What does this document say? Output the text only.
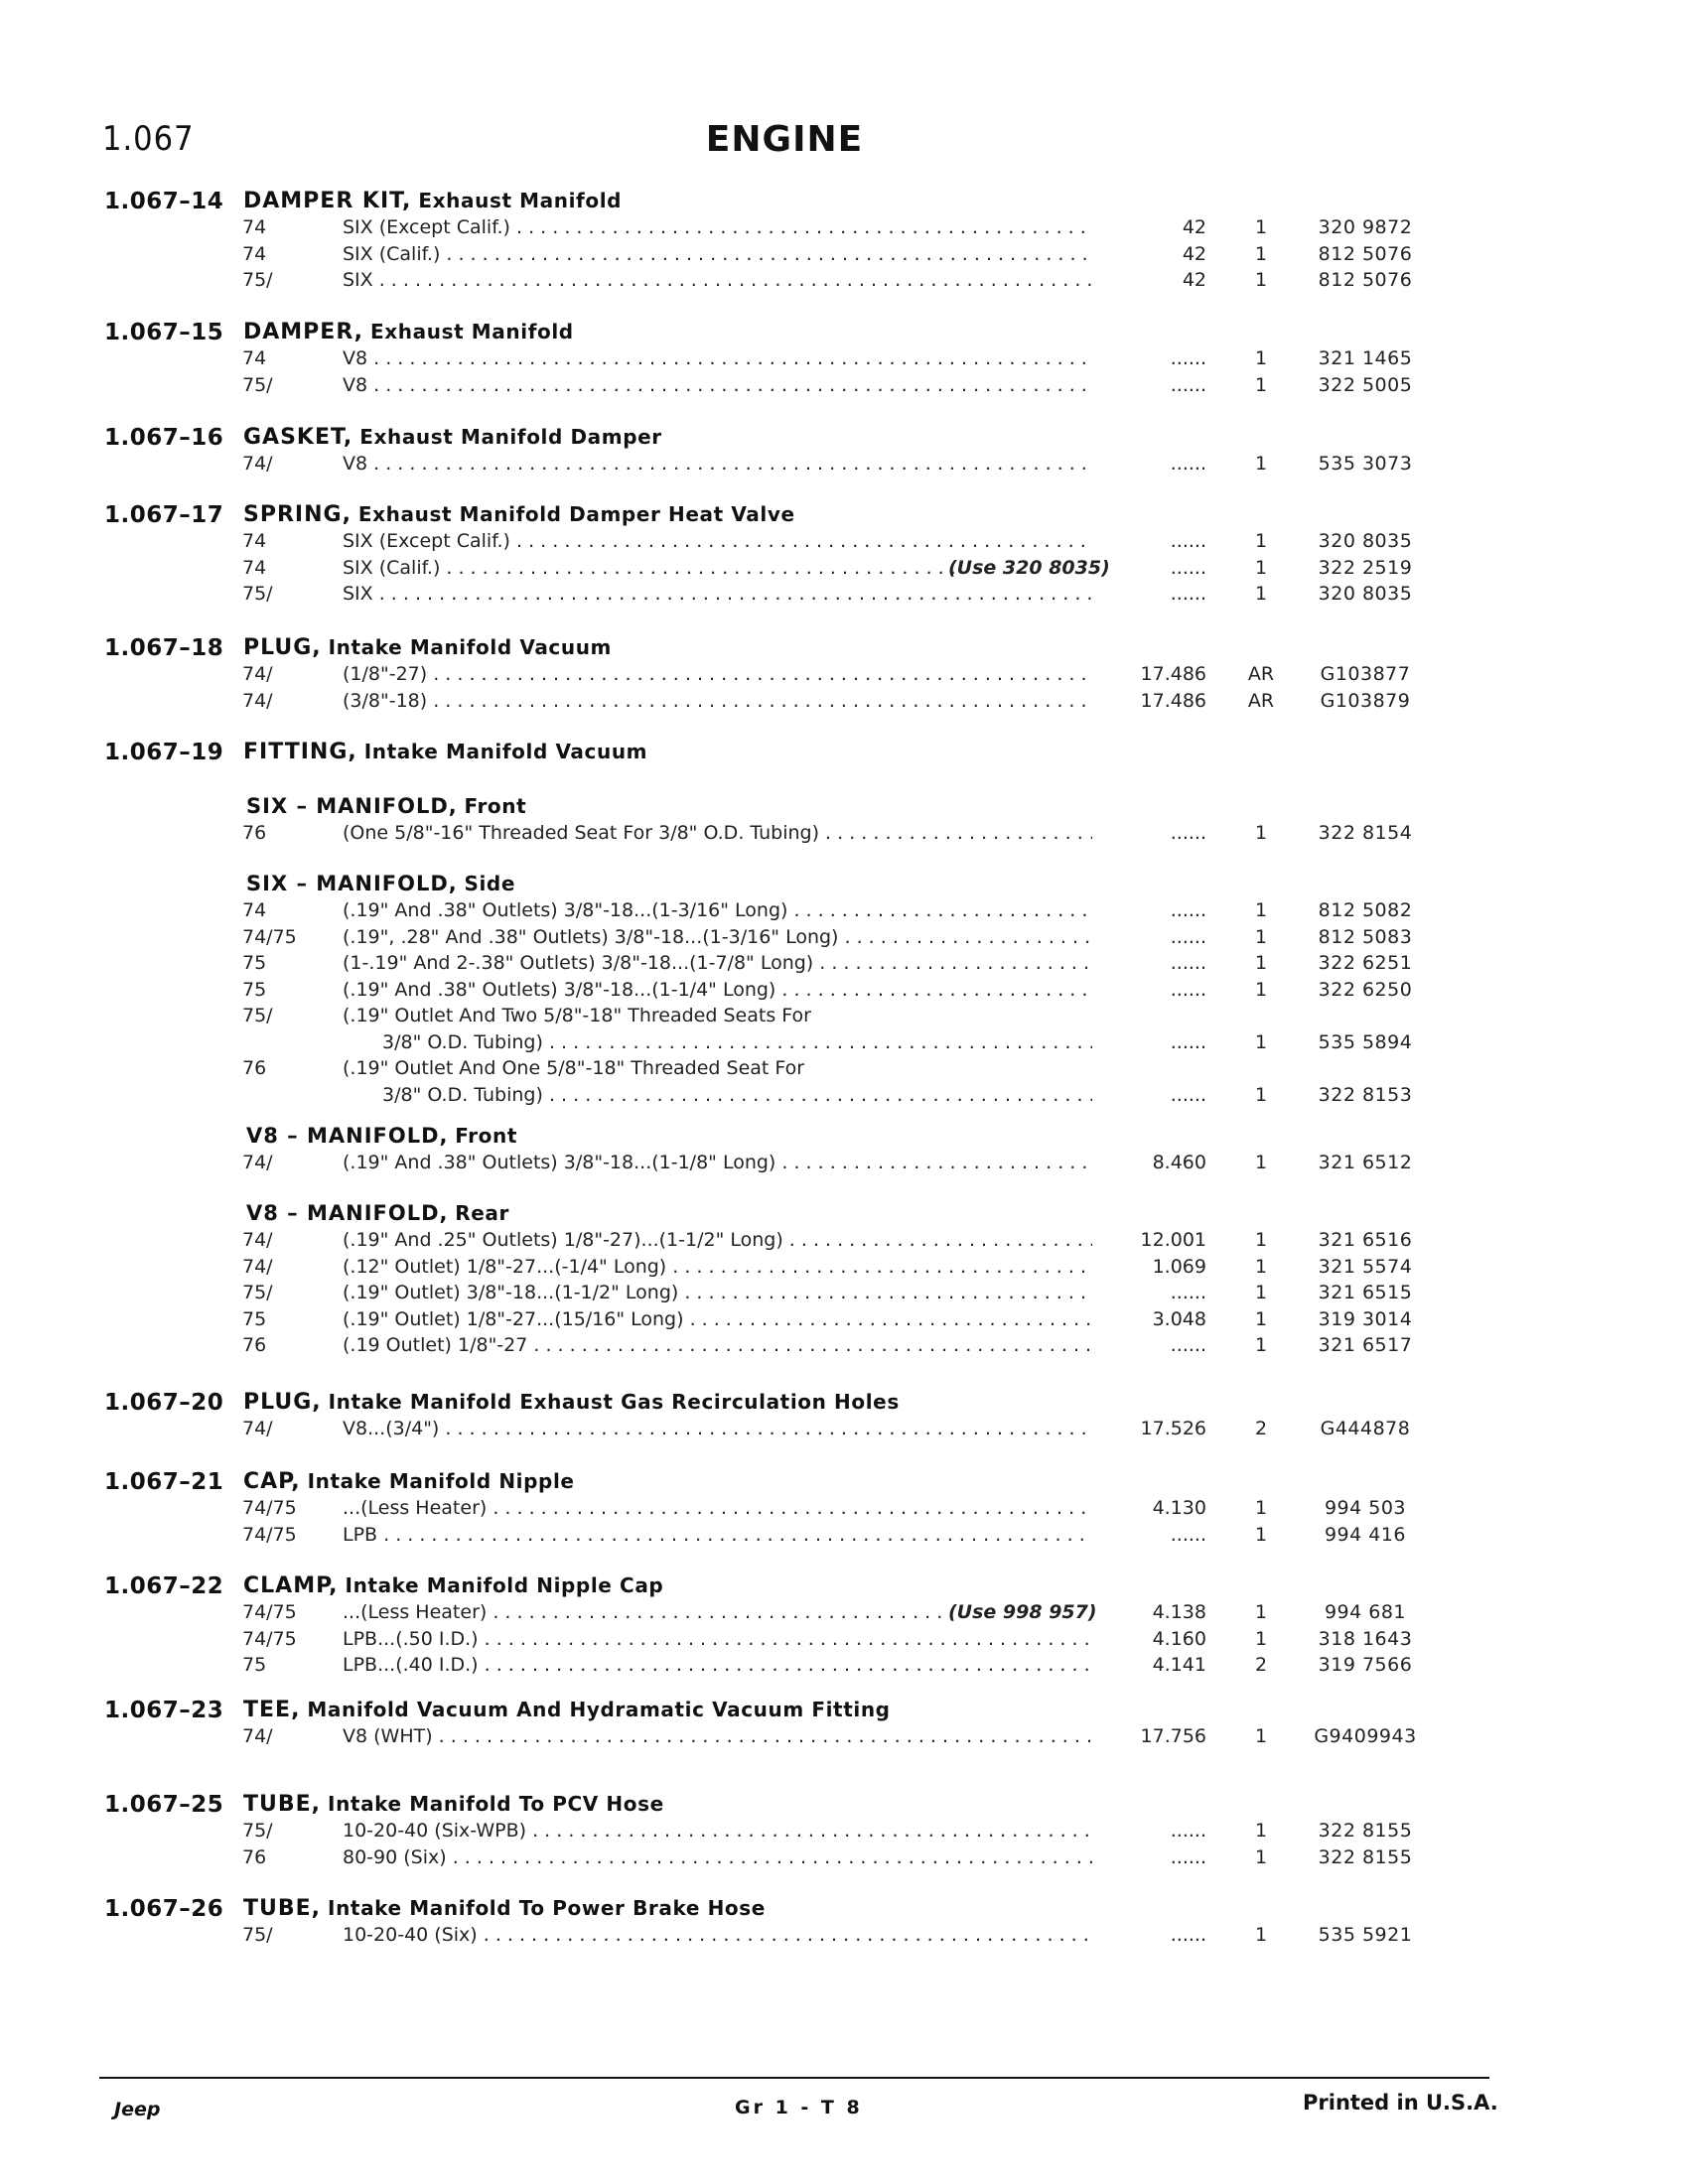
1.067	ENGINE
1.067–14 DAMPER KIT, Exhaust Manifold
74	SIX (Except Calif.) . . .	42	1	320 9872
74	SIX (Calif.) . . .	42	1	812 5076
75/	SIX . . .	42	1	812 5076
1.067–15 DAMPER, Exhaust Manifold
74	V8 . . .	......	1	321 1465
75/	V8 . . .	......	1	322 5005
1.067–16 GASKET, Exhaust Manifold Damper
74/	V8 . . .	......	1	535 3073
1.067–17 SPRING, Exhaust Manifold Damper Heat Valve
74	SIX (Except Calif.) . . .	......	1	320 8035
74	SIX (Calif.) . . .	(Use 320 8035)	......	1	322 2519
75/	SIX . . .	......	1	320 8035
1.067–18 PLUG, Intake Manifold Vacuum
74/	(1/8"-27) . . .	17.486	AR	G103877
74/	(3/8"-18) . . .	17.486	AR	G103879
1.067–19 FITTING, Intake Manifold Vacuum
SIX – MANIFOLD, Front
76	(One 5/8"-16" Threaded Seat For 3/8" O.D. Tubing) . . .	......	1	322 8154
SIX – MANIFOLD, Side
74	(.19" And .38" Outlets) 3/8"-18...(1-3/16" Long) . . .	......	1	812 5082
74/75	(.19", .28" And .38" Outlets) 3/8"-18...(1-3/16" Long) . . .	......	1	812 5083
75	(1-.19" And 2-.38" Outlets) 3/8"-18...(1-7/8" Long) . . .	......	1	322 6251
75	(.19" And .38" Outlets) 3/8"-18...(1-1/4" Long) . . .	......	1	322 6250
75/	(.19" Outlet And Two 5/8"-18" Threaded Seats For
3/8" O.D. Tubing) . . .	......	1	535 5894
76	(.19" Outlet And One 5/8"-18" Threaded Seat For
3/8" O.D. Tubing) . . .	......	1	322 8153
V8 – MANIFOLD, Front
74/	(.19" And .38" Outlets) 3/8"-18...(1-1/8" Long) . . .	8.460	1	321 6512
V8 – MANIFOLD, Rear
74/	(.19" And .25" Outlets) 1/8"-27)...(1-1/2" Long) . . .	12.001	1	321 6516
74/	(.12" Outlet) 1/8"-27...(-1/4" Long) . . .	1.069	1	321 5574
75/	(.19" Outlet) 3/8"-18...(1-1/2" Long) . . .	......	1	321 6515
75	(.19" Outlet) 1/8"-27...(15/16" Long) . . .	3.048	1	319 3014
76	(.19 Outlet) 1/8"-27 . . .	......	1	321 6517
1.067–20 PLUG, Intake Manifold Exhaust Gas Recirculation Holes
74/	V8...(3/4") . . .	17.526	2	G444878
1.067–21 CAP, Intake Manifold Nipple
74/75	...(Less Heater) . . .	4.130	1	994 503
74/75	LPB . . .	......	1	994 416
1.067–22 CLAMP, Intake Manifold Nipple Cap
74/75	...(Less Heater) . . .	(Use 998 957)	4.138	1	994 681
74/75	LPB...(.50 I.D.) . . .	4.160	1	318 1643
75	LPB...(.40 I.D.) . . .	4.141	2	319 7566
1.067–23 TEE, Manifold Vacuum And Hydramatic Vacuum Fitting
74/	V8 (WHT) . . .	17.756	1	G9409943
1.067–25 TUBE, Intake Manifold To PCV Hose
75/	10-20-40 (Six-WPB) . . .	......	1	322 8155
76	80-90 (Six) . . .	......	1	322 8155
1.067–26 TUBE, Intake Manifold To Power Brake Hose
75/	10-20-40 (Six) . . .	......	1	535 5921
Jeep	Gr 1 - T 8	Printed in U.S.A.
